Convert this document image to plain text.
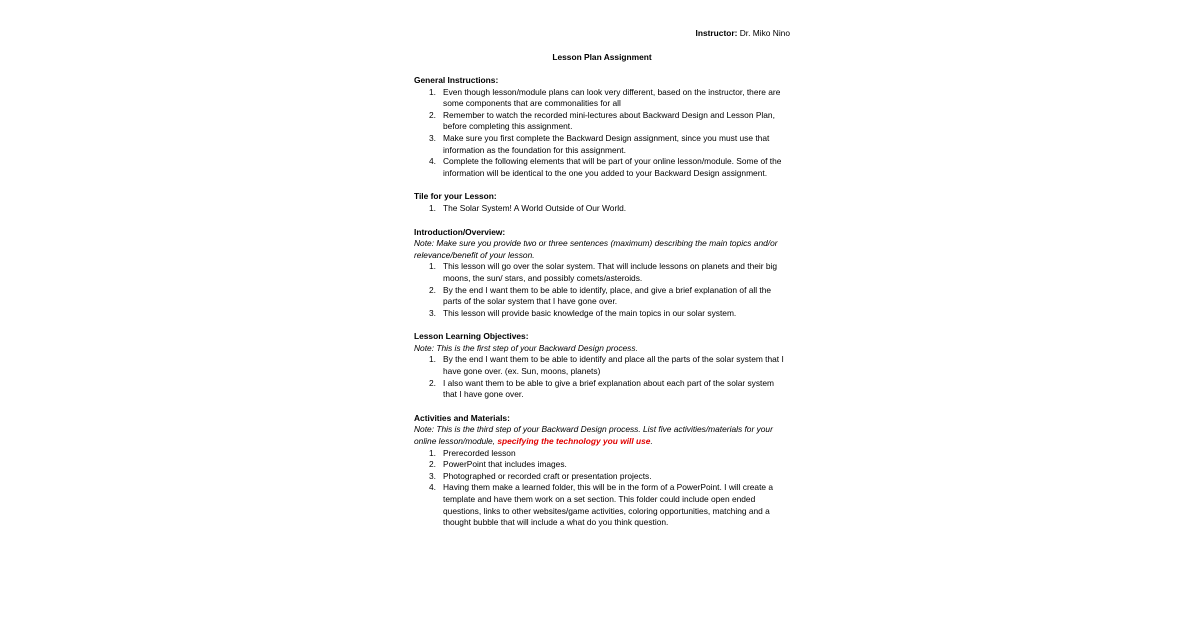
Instructor: Dr. Miko Nino
Lesson Plan Assignment
General Instructions:
1. Even though lesson/module plans can look very different, based on the instructor, there are some components that are commonalities for all
2. Remember to watch the recorded mini-lectures about Backward Design and Lesson Plan, before completing this assignment.
3. Make sure you first complete the Backward Design assignment, since you must use that information as the foundation for this assignment.
4. Complete the following elements that will be part of your online lesson/module. Some of the information will be identical to the one you added to your Backward Design assignment.
Tile for your Lesson:
1. The Solar System! A World Outside of Our World.
Introduction/Overview:
Note: Make sure you provide two or three sentences (maximum) describing the main topics and/or relevance/benefit of your lesson.
1. This lesson will go over the solar system. That will include lessons on planets and their big moons, the sun/ stars, and possibly comets/asteroids.
2. By the end I want them to be able to identify, place, and give a brief explanation of all the parts of the solar system that I have gone over.
3. This lesson will provide basic knowledge of the main topics in our solar system.
Lesson Learning Objectives:
Note: This is the first step of your Backward Design process.
1. By the end I want them to be able to identify and place all the parts of the solar system that I have gone over. (ex. Sun, moons, planets)
2. I also want them to be able to give a brief explanation about each part of the solar system that I have gone over.
Activities and Materials:
Note: This is the third step of your Backward Design process. List five activities/materials for your online lesson/module, specifying the technology you will use.
1. Prerecorded lesson
2. PowerPoint that includes images.
3. Photographed or recorded craft or presentation projects.
4. Having them make a learned folder, this will be in the form of a PowerPoint. I will create a template and have them work on a set section. This folder could include open ended questions, links to other websites/game activities, coloring opportunities, matching and a thought bubble that will include a what do you think question.
